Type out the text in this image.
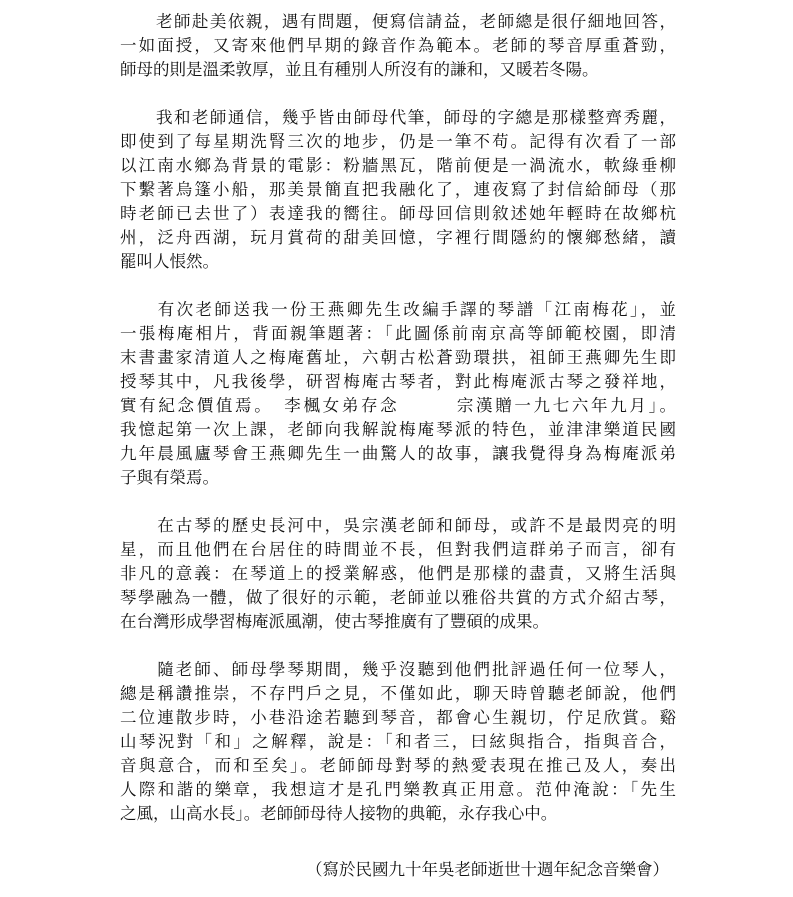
　　老師赴美依親，遇有問題，便寫信請益，老師總是很仔細地回答，
一如面授，又寄來他們早期的錄音作為範本。老師的琴音厚重蒼勁，
師母的則是溫柔敦厚，並且有種別人所沒有的謙和，又暖若冬陽。
　　我和老師通信，幾乎皆由師母代筆，師母的字總是那樣整齊秀麗，
即使到了每星期洗腎三次的地步，仍是一筆不苟。記得有次看了一部
以江南水鄉為背景的電影：粉牆黑瓦，階前便是一渦流水，軟綠垂柳
下繫著烏篷小船，那美景簡直把我融化了，連夜寫了封信給師母（那
時老師已去世了）表達我的嚮往。師母回信則敘述她年輕時在故鄉杭
州，泛舟西湖，玩月賞荷的甜美回憶，字裡行間隱約的懷鄉愁緒，讀
罷叫人悵然。
　　有次老師送我一份王燕卿先生改編手譯的琴譜「江南梅花」，並
一張梅庵相片，背面親筆題著：「此圖係前南京高等師範校園，即清
末書畫家清道人之梅庵舊址，六朝古松蒼勁環拱，祖師王燕卿先生即
授琴其中，凡我後學，研習梅庵古琴者，對此梅庵派古琴之發祥地，
實有紀念價值焉。　李楓女弟存念　　　宗漢贈一九七六年九月」。
我憶起第一次上課，老師向我解說梅庵琴派的特色，並津津樂道民國
九年晨風廬琴會王燕卿先生一曲驚人的故事，讓我覺得身為梅庵派弟
子與有榮焉。
　　在古琴的歷史長河中，吳宗漢老師和師母，或許不是最閃亮的明
星，而且他們在台居住的時間並不長，但對我們這群弟子而言，卻有
非凡的意義：在琴道上的授業解惑，他們是那樣的盡責，又將生活與
琴學融為一體，做了很好的示範，老師並以雅俗共賞的方式介紹古琴，
在台灣形成學習梅庵派風潮，使古琴推廣有了豐碩的成果。
　　隨老師、師母學琴期間，幾乎沒聽到他們批評過任何一位琴人，
總是稱讚推崇，不存門戶之見，不僅如此，聊天時曾聽老師說，他們
二位連散步時，小巷沿途若聽到琴音，都會心生親切，佇足欣賞。谿
山琴況對「和」之解釋，說是：「和者三，曰絃與指合，指與音合，
音與意合，而和至矣」。老師師母對琴的熱愛表現在推己及人，奏出
人際和諧的樂章，我想這才是孔門樂教真正用意。范仲淹說：「先生
之風，山高水長」。老師師母待人接物的典範，永存我心中。

（寫於民國九十年吳老師逝世十週年紀念音樂會）
